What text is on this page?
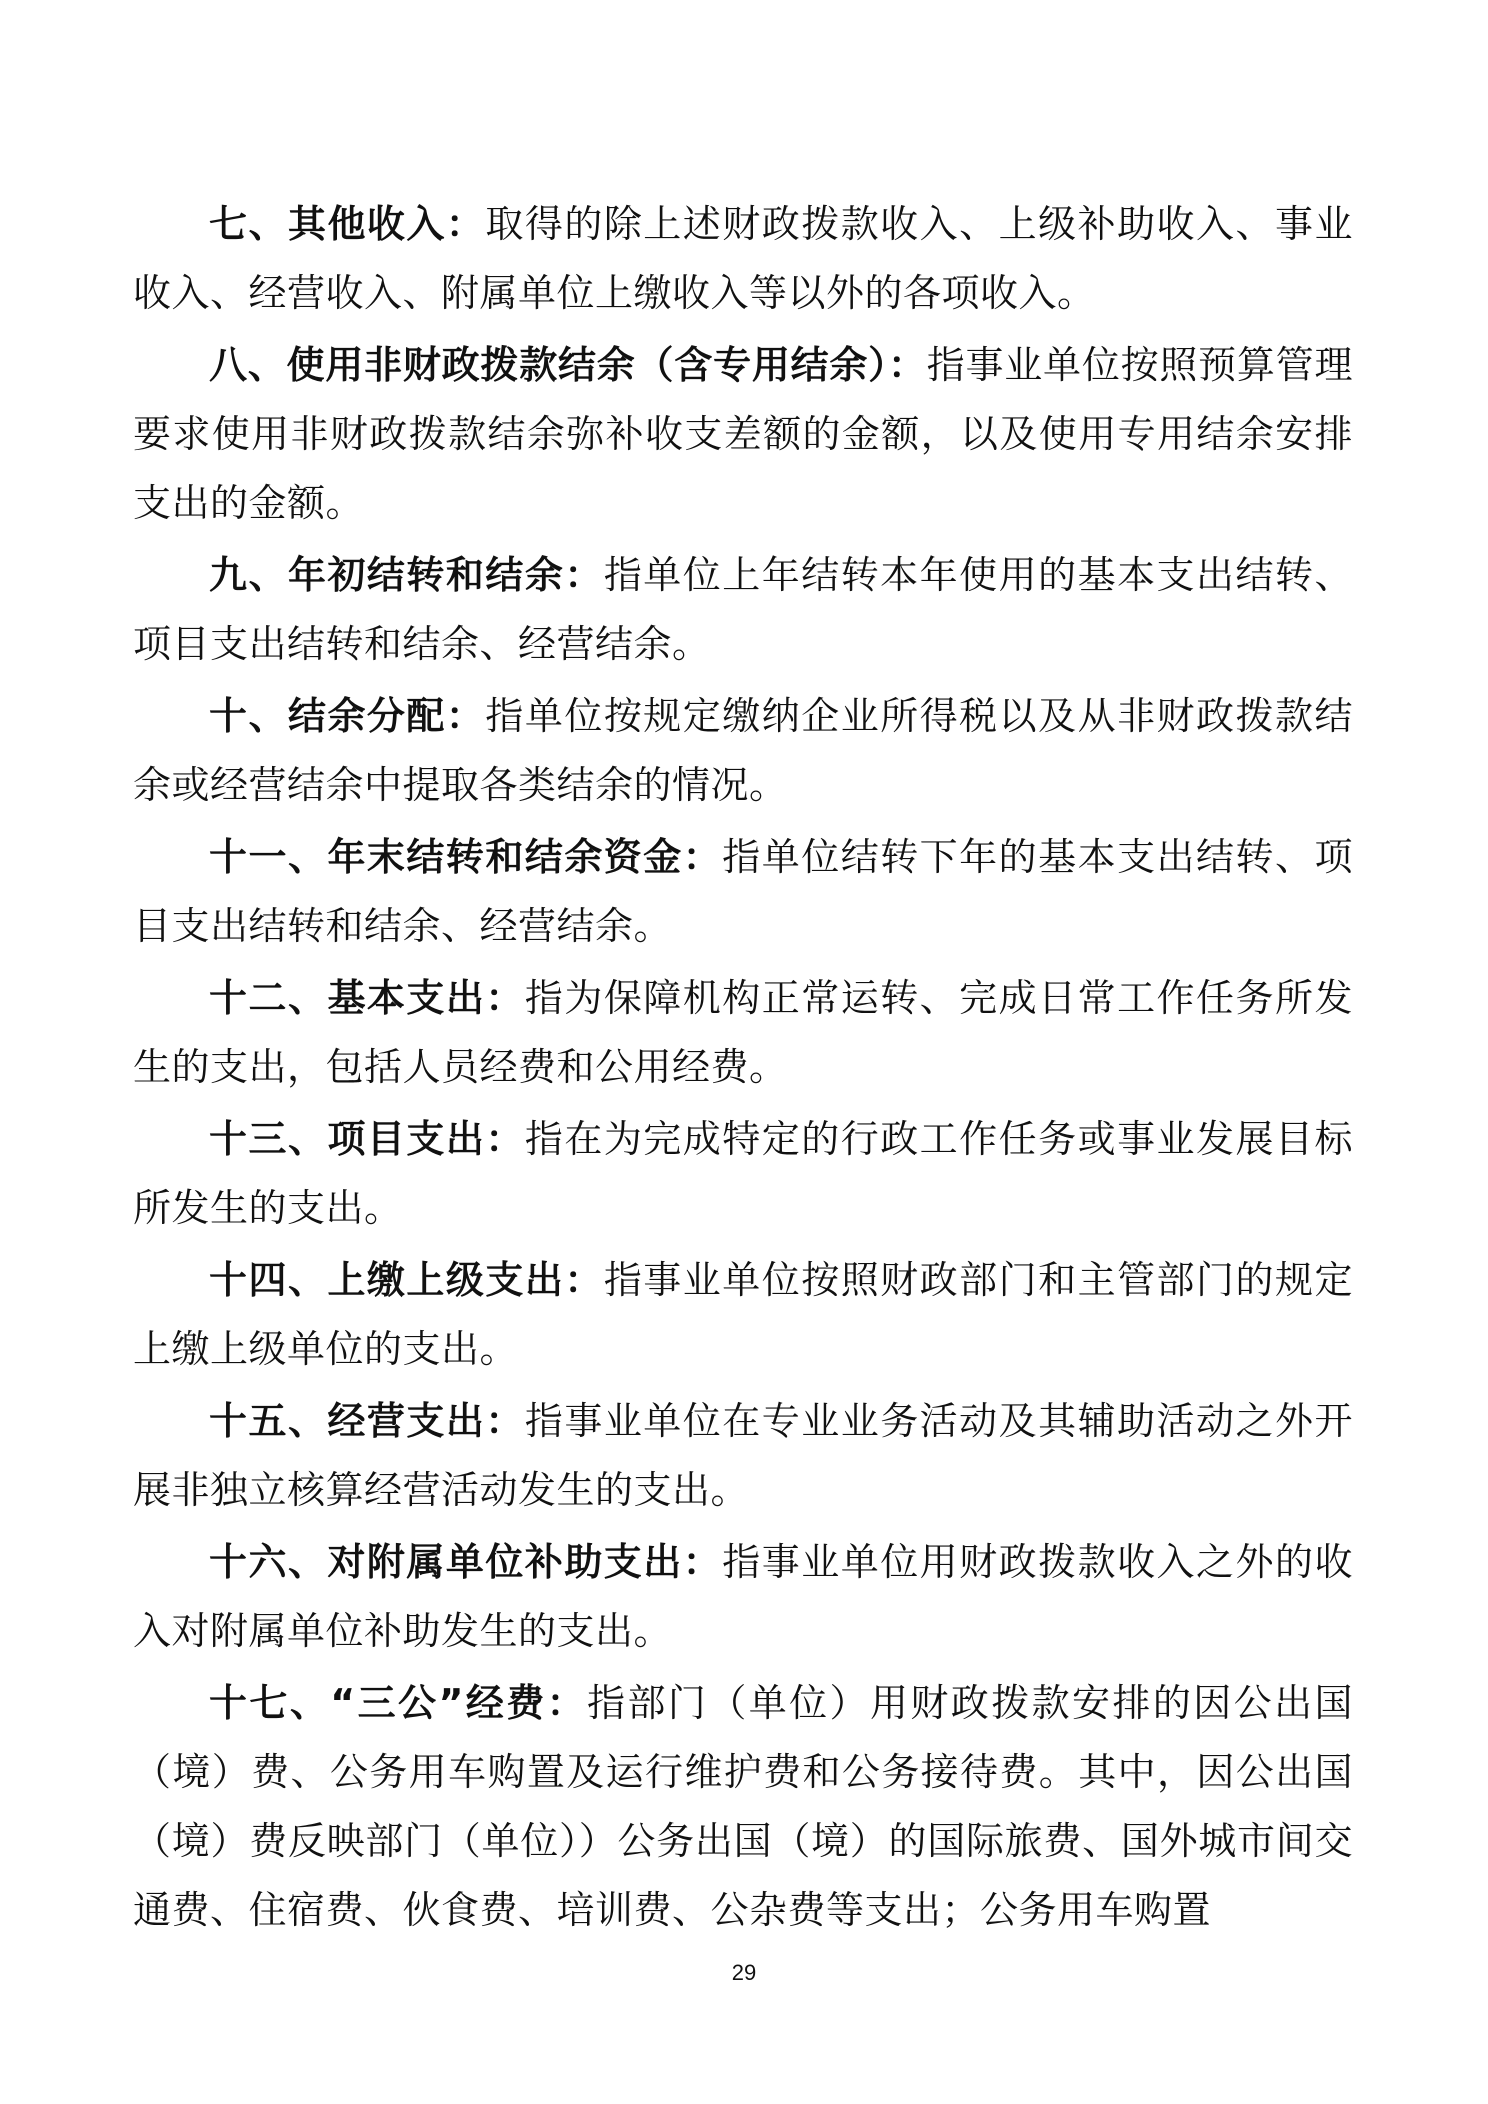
七、其他收入：取得的除上述财政拨款收入、上级补助收入、事业收入、经营收入、附属单位上缴收入等以外的各项收入。

八、使用非财政拨款结余（含专用结余）：指事业单位按照预算管理要求使用非财政拨款结余弥补收支差额的金额，以及使用专用结余安排支出的金额。

九、年初结转和结余：指单位上年结转本年使用的基本支出结转、项目支出结转和结余、经营结余。

十、结余分配：指单位按规定缴纳企业所得税以及从非财政拨款结余或经营结余中提取各类结余的情况。

十一、年末结转和结余资金：指单位结转下年的基本支出结转、项目支出结转和结余、经营结余。

十二、基本支出：指为保障机构正常运转、完成日常工作任务所发生的支出，包括人员经费和公用经费。

十三、项目支出：指在为完成特定的行政工作任务或事业发展目标所发生的支出。

十四、上缴上级支出：指事业单位按照财政部门和主管部门的规定上缴上级单位的支出。

十五、经营支出：指事业单位在专业业务活动及其辅助活动之外开展非独立核算经营活动发生的支出。

十六、对附属单位补助支出：指事业单位用财政拨款收入之外的收入对附属单位补助发生的支出。

十七、“三公”经费：指部门（单位）用财政拨款安排的因公出国（境）费、公务用车购置及运行维护费和公务接待费。其中，因公出国（境）费反映部门（单位））公务出国（境）的国际旅费、国外城市间交通费、住宿费、伙食费、培训费、公杂费等支出；公务用车购置

29
